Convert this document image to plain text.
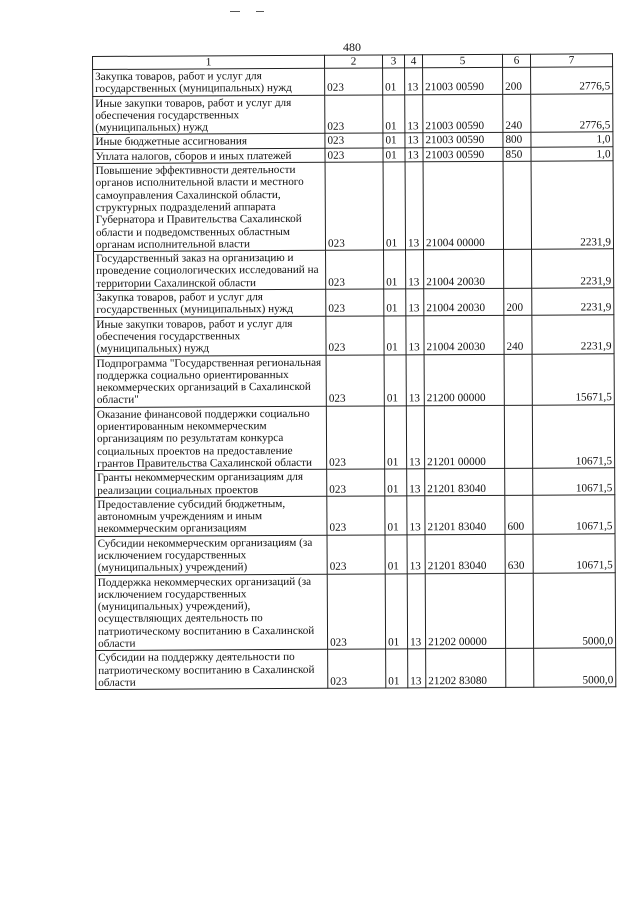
480
1	2	3	4	5	6	7
Закупка товаров, работ и услуг для государственных (муниципальных) нужд	023	01	13	21003 00590	200	2776,5
Иные закупки товаров, работ и услуг для обеспечения государственных (муниципальных) нужд	023	01	13	21003 00590	240	2776,5
Иные бюджетные ассигнования	023	01	13	21003 00590	800	1,0
Уплата налогов, сборов и иных платежей	023	01	13	21003 00590	850	1,0
Повышение эффективности деятельности органов исполнительной власти и местного самоуправления Сахалинской области, структурных подразделений аппарата Губернатора и Правительства Сахалинской области и подведомственных областным органам исполнительной власти	023	01	13	21004 00000		2231,9
Государственный заказ на организацию и проведение социологических исследований на территории Сахалинской области	023	01	13	21004 20030		2231,9
Закупка товаров, работ и услуг для государственных (муниципальных) нужд	023	01	13	21004 20030	200	2231,9
Иные закупки товаров, работ и услуг для обеспечения государственных (муниципальных) нужд	023	01	13	21004 20030	240	2231,9
Подпрограмма "Государственная региональная поддержка социально ориентированных некоммерческих организаций в Сахалинской области"	023	01	13	21200 00000		15671,5
Оказание финансовой поддержки социально ориентированным некоммерческим организациям по результатам конкурса социальных проектов на предоставление грантов Правительства Сахалинской области	023	01	13	21201 00000		10671,5
Гранты некоммерческим организациям для реализации социальных проектов	023	01	13	21201 83040		10671,5
Предоставление субсидий бюджетным, автономным учреждениям и иным некоммерческим организациям	023	01	13	21201 83040	600	10671,5
Субсидии некоммерческим организациям (за исключением государственных (муниципальных) учреждений)	023	01	13	21201 83040	630	10671,5
Поддержка некоммерческих организаций (за исключением государственных (муниципальных) учреждений), осуществляющих деятельность по патриотическому воспитанию в Сахалинской области	023	01	13	21202 00000		5000,0
Субсидии на поддержку деятельности по патриотическому воспитанию в Сахалинской области	023	01	13	21202 83080		5000,0
